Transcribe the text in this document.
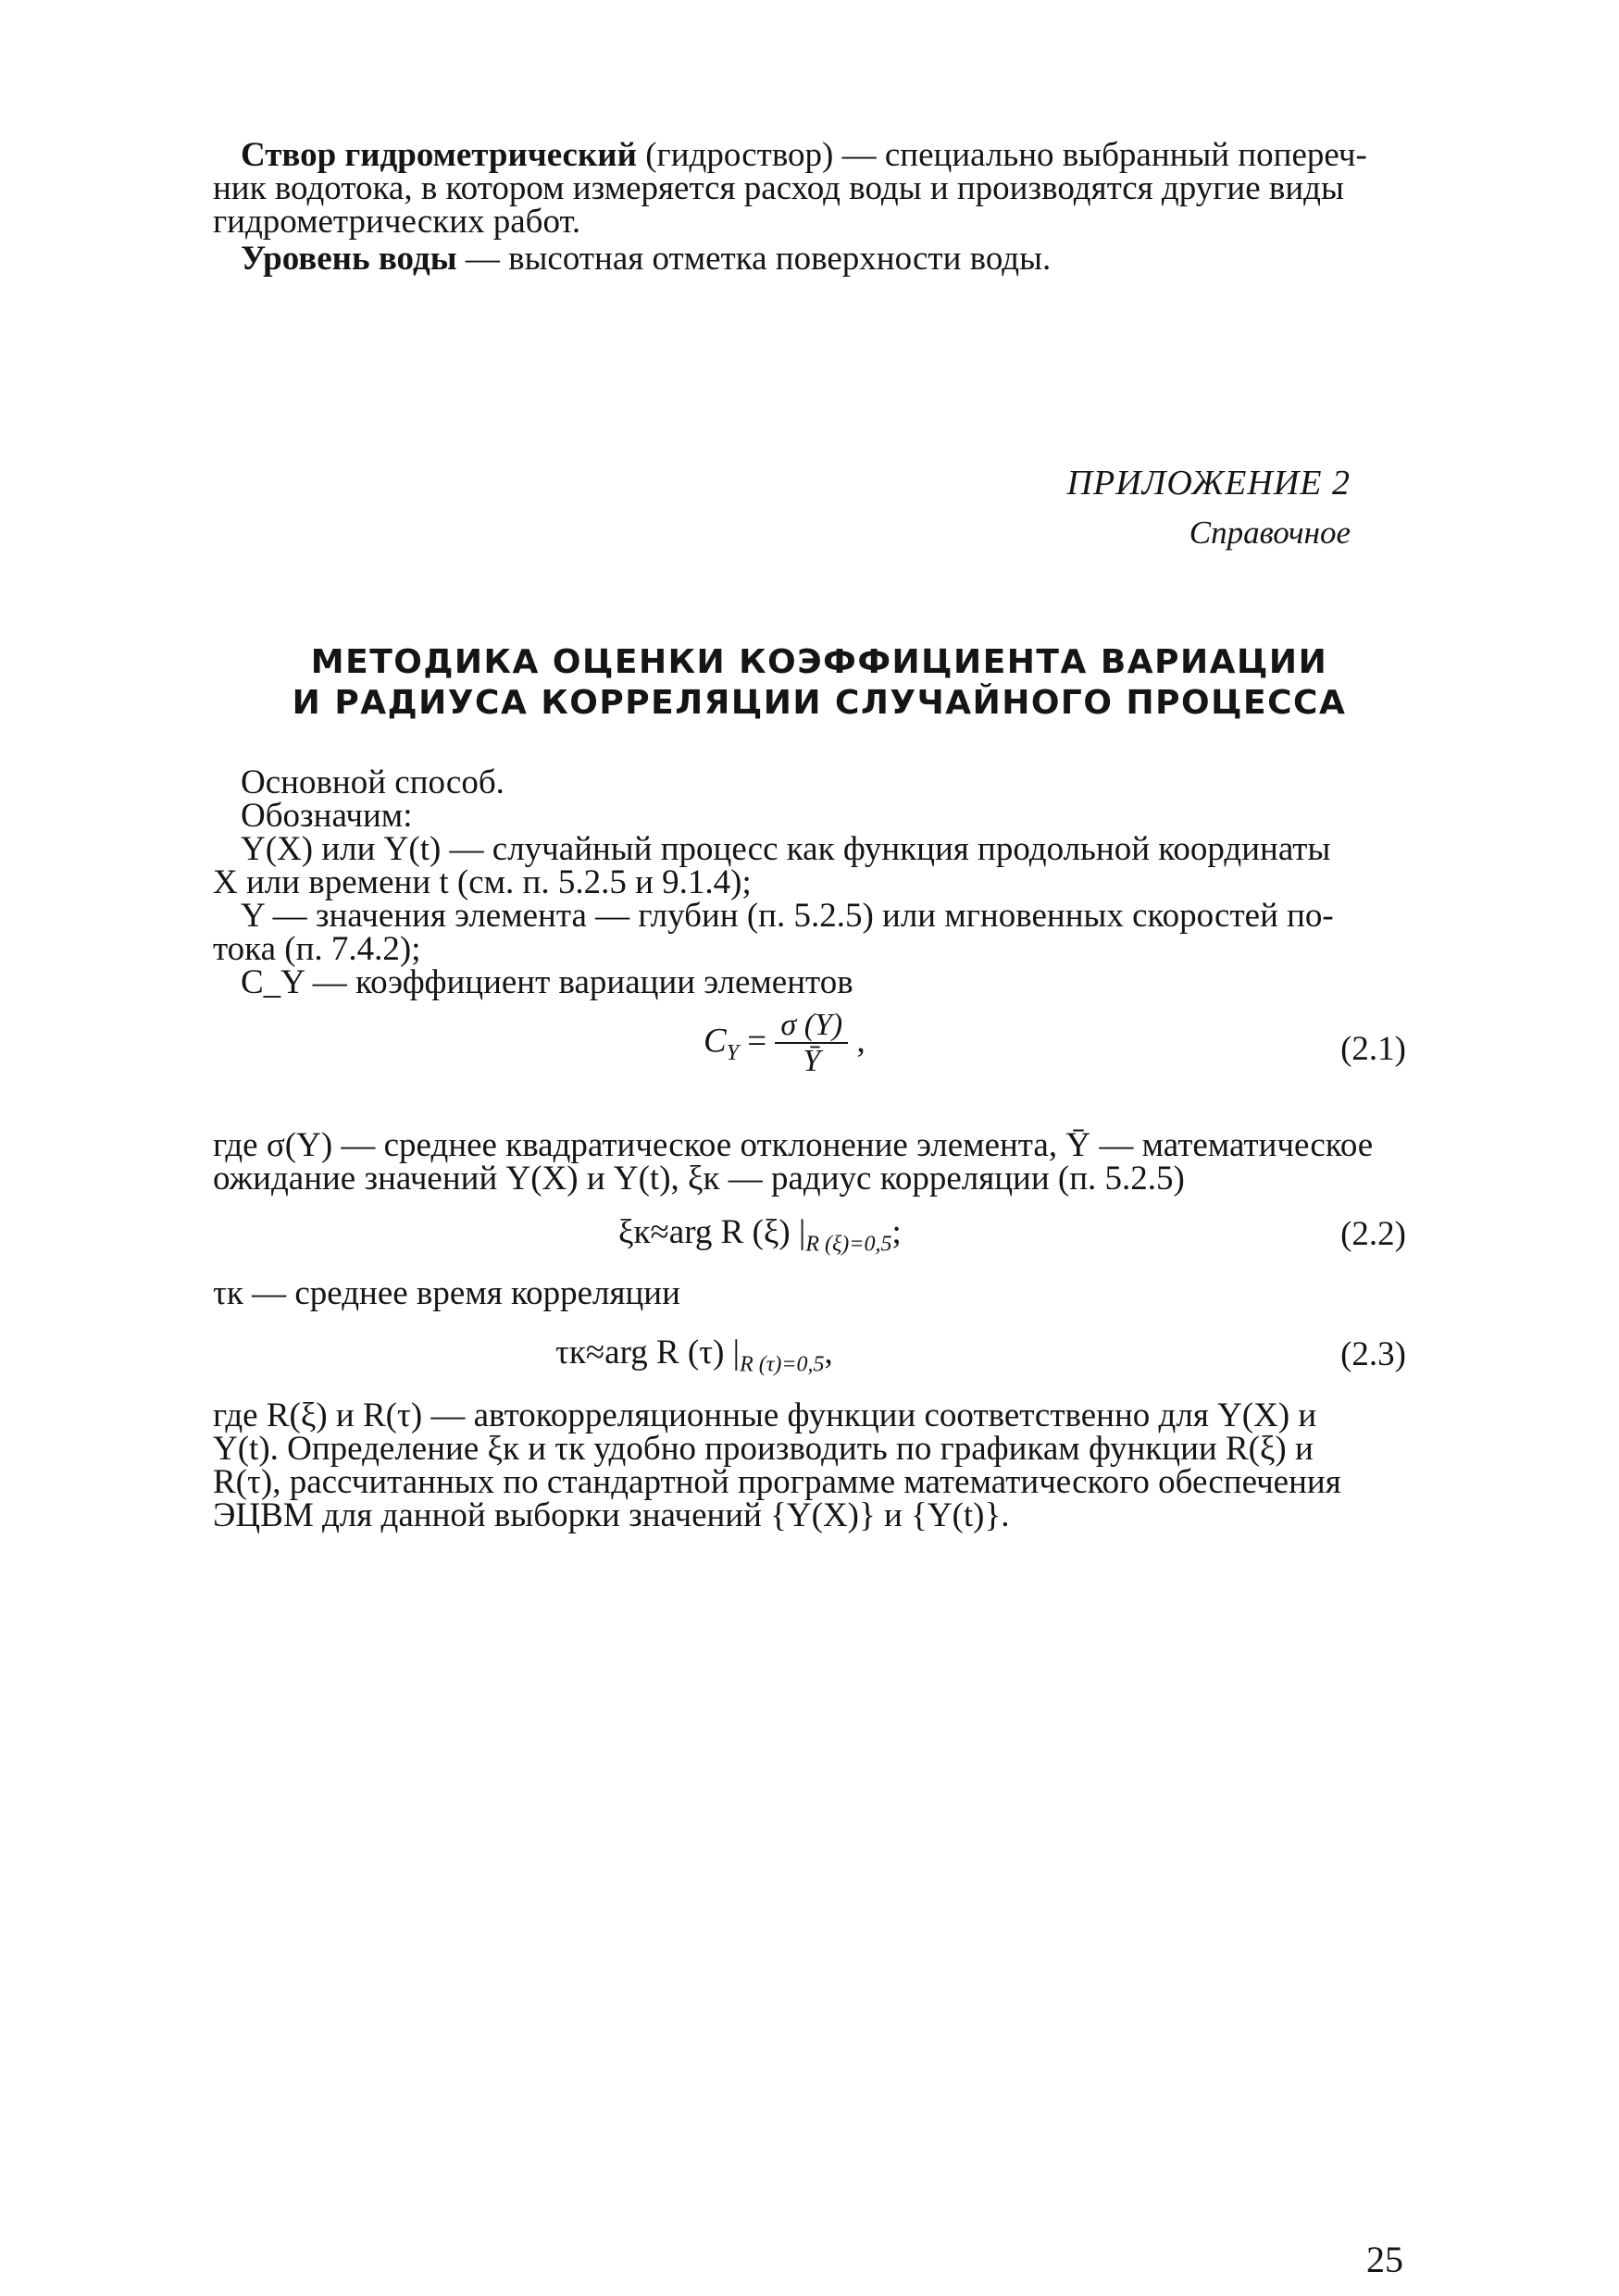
Створ гидрометрический (гидроствор) — специально выбранный попереч-
ник водотока, в котором измеряется расход воды и производятся другие виды
гидрометрических работ.
Уровень воды — высотная отметка поверхности воды.
ПРИЛОЖЕНИЕ 2
Справочное
МЕТОДИКА ОЦЕНКИ КОЭФФИЦИЕНТА ВАРИАЦИИ
И РАДИУСА КОРРЕЛЯЦИИ СЛУЧАЙНОГО ПРОЦЕССА
Основной способ.
Обозначим:
Y(X) или Y(t) — случайный процесс как функция продольной координаты
X или времени t (см. п. 5.2.5 и 9.1.4);
Y — значения элемента — глубин (п. 5.2.5) или мгновенных скоростей по-
тока (п. 7.4.2);
C_Y — коэффициент вариации элементов
$C_Y = \frac{\sigma (Y)}{Ȳ}$ ,	(2.1)
где σ(Y) — среднее квадратическое отклонение элемента, Ȳ — математическое
ожидание значений Y(X) и Y(t), ξк — радиус корреляции (п. 5.2.5)
ξк≈arg R (ξ) $|_{R (\xi)=0,5}$;	(2.2)
τк — среднее время корреляции
τк≈arg R (τ) $|_{R (\tau)=0,5}$,	(2.3)
где R(ξ) и R(τ) — автокорреляционные функции соответственно для Y(X) и
Y(t). Определение ξк и τк удобно производить по графикам функции R(ξ) и
R(τ), рассчитанных по стандартной программе математического обеспечения
ЭЦВМ для данной выборки значений {Y(X)} и {Y(t)}.
25
